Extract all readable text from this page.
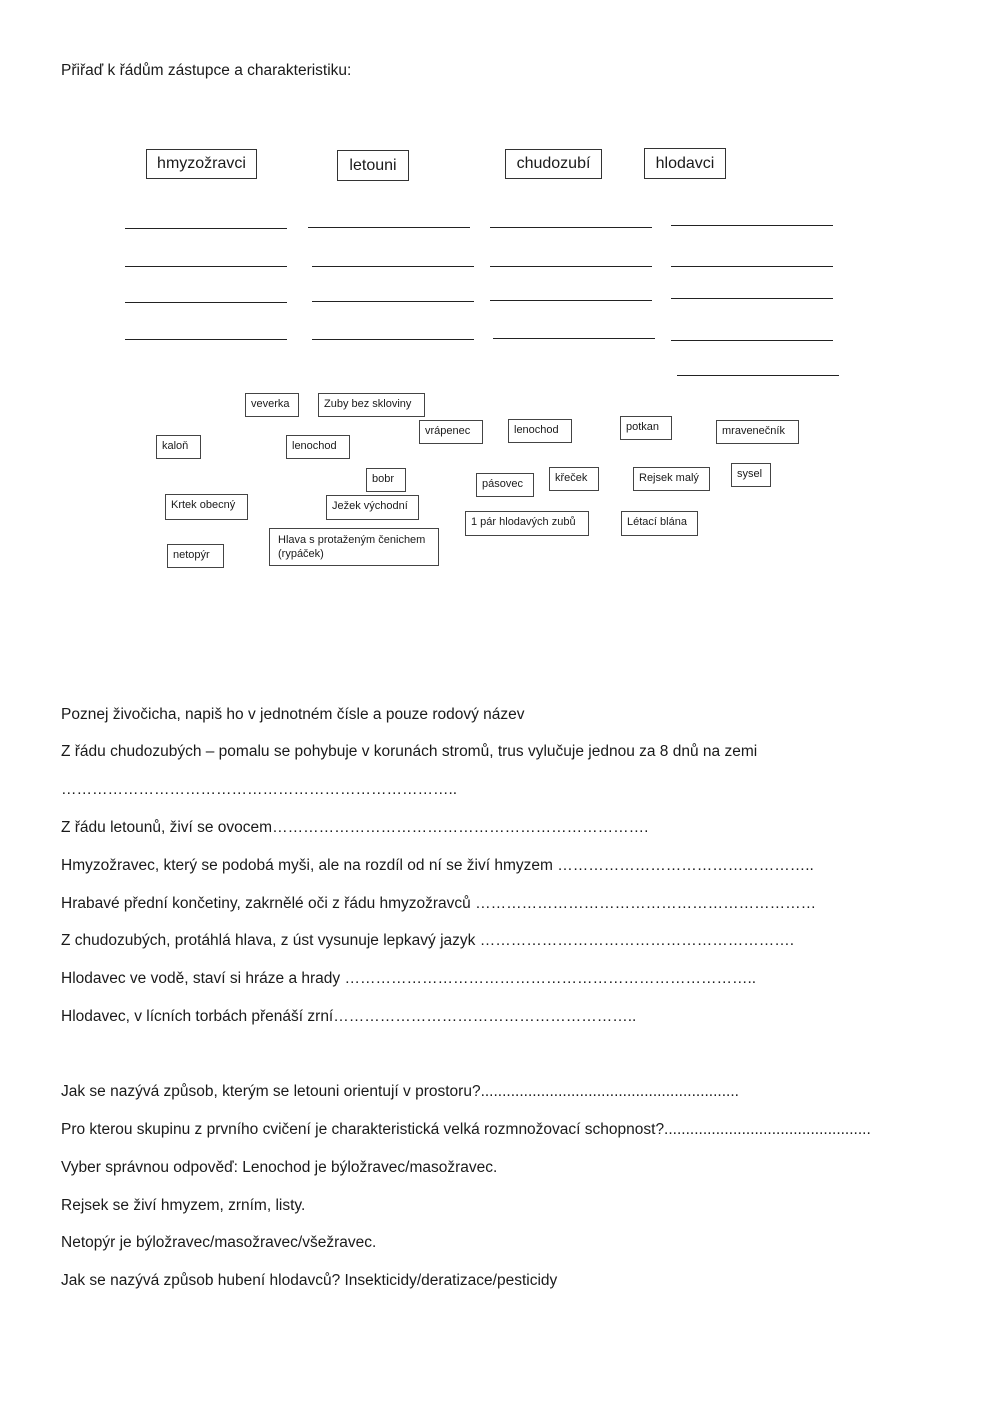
Přiřaď k řádům zástupce a charakteristiku:
hmyzožravci	letouni	chudozubí	hlodavci
veverka	Zuby bez skloviny
kaloň	lenochod
vrápenec	lenochod	potkan	mravenečník
bobr	pásovec	křeček	Rejsek malý	sysel
Krtek obecný	Ježek východní
1 pár hlodavých zubů	Létací blána
netopýr
Hlava s protaženým čenichem (rypáček)
Poznej živočicha, napiš ho v jednotném čísle a pouze rodový název
Z řádu chudozubých – pomalu se pohybuje v korunách stromů, trus vylučuje jednou za 8 dnů na zemi
…………………………………………………………………..
Z řádu letounů, živí se ovocem……………………………………………………………….
Hmyzožravec, který se podobá myši, ale na rozdíl od ní se živí hmyzem …………………………………………..
Hrabavé přední končetiny, zakrnělé oči z řádu hmyzožravců …………………………………………………………
Z chudozubých, protáhlá hlava, z úst vysunuje lepkavý jazyk …………………………………………………….
Hlodavec ve vodě, staví si hráze a hrady ……………………………………………………………………..
Hlodavec, v lícních torbách přenáší zrní…………………………………………………..
Jak se nazývá způsob, kterým se letouni orientují v prostoru?............................................................
Pro kterou skupinu z prvního cvičení je charakteristická velká rozmnožovací schopnost?................................................
Vyber správnou odpověď: Lenochod je býložravec/masožravec.
Rejsek se živí hmyzem, zrním, listy.
Netopýr je býložravec/masožravec/všežravec.
Jak se nazývá způsob hubení hlodavců? Insekticidy/deratizace/pesticidy
